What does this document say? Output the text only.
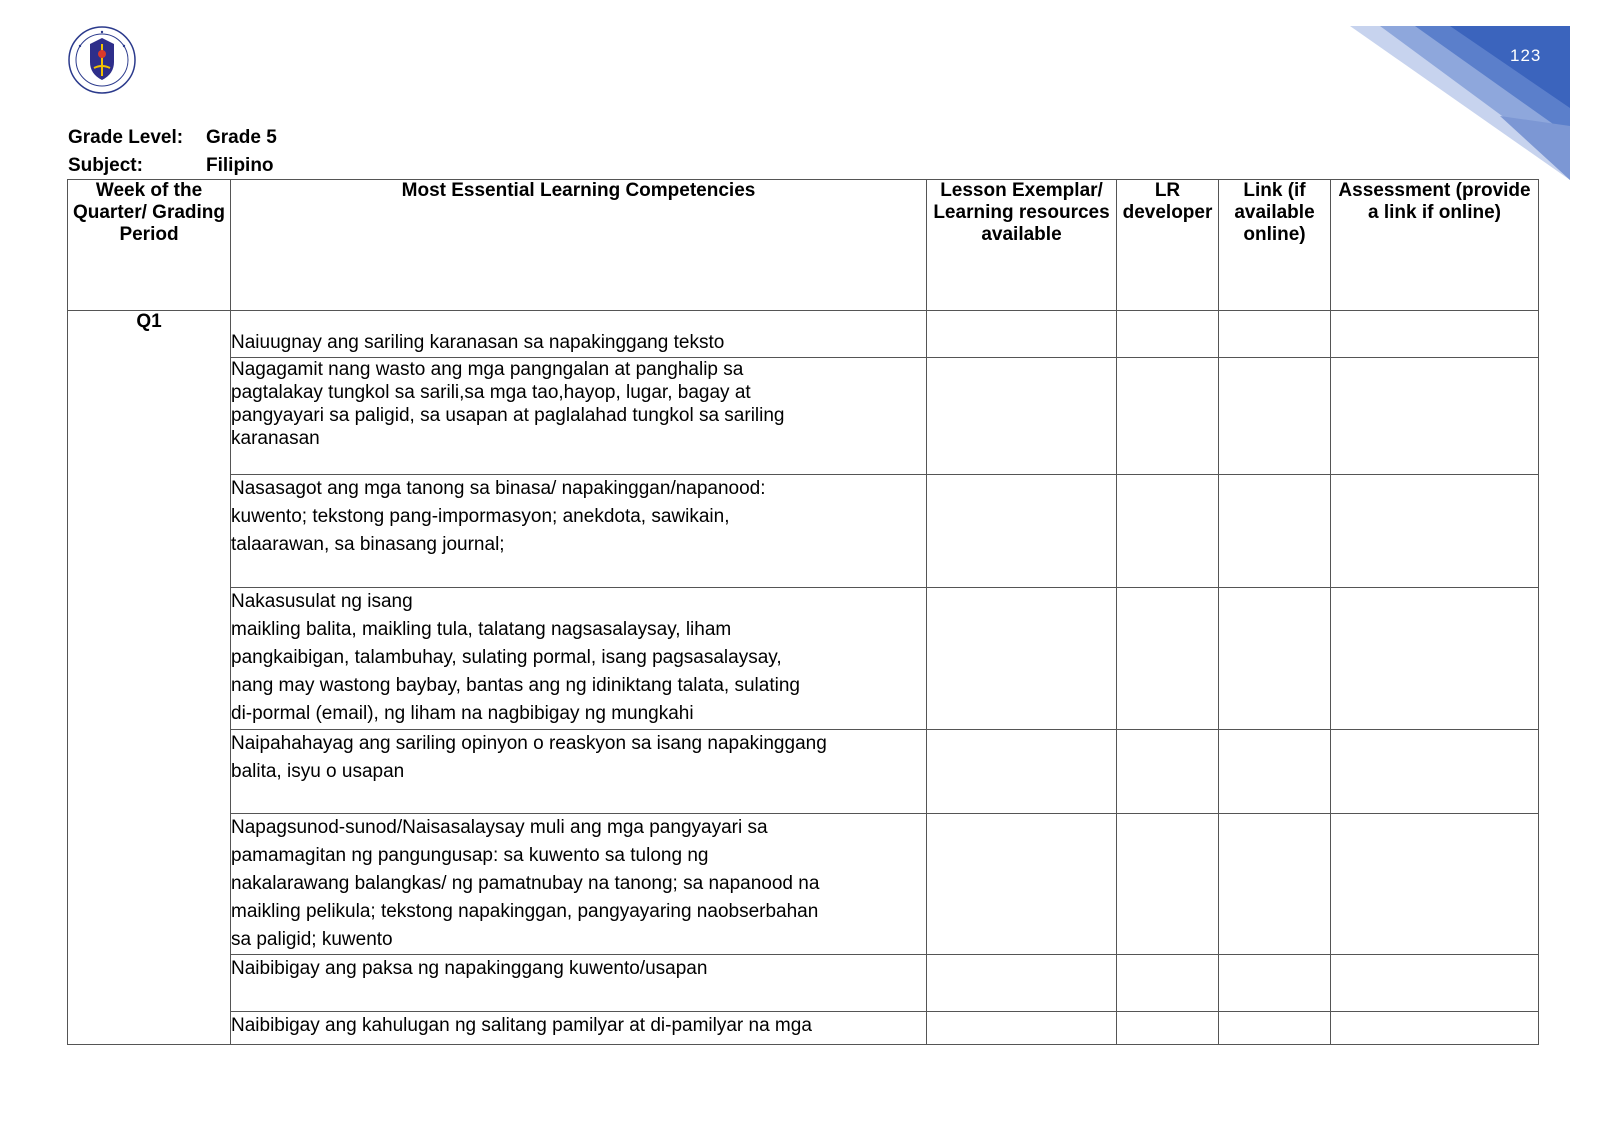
123
Grade Level:	Grade 5
Subject:	Filipino
Week of the Quarter/ Grading Period	Most Essential Learning Competencies	Lesson Exemplar/ Learning resources available	LR developer	Link (if available online)	Assessment (provide a link if online)
Q1	Naiuugnay ang sariling karanasan sa napakinggang teksto				
	Nagagamit nang wasto ang mga pangngalan at panghalip sa
pagtalakay tungkol sa sarili,sa mga tao,hayop, lugar, bagay at
pangyayari sa paligid, sa usapan at paglalahad tungkol sa sariling
karanasan				
	Nasasagot ang mga tanong sa binasa/ napakinggan/napanood:
kuwento; tekstong pang-impormasyon; anekdota, sawikain,
talaarawan, sa binasang journal;				
	Nakasusulat ng isang
maikling balita, maikling tula, talatang nagsasalaysay, liham
pangkaibigan, talambuhay, sulating pormal, isang pagsasalaysay,
nang may wastong baybay, bantas ang ng idiniktang talata, sulating
di-pormal (email), ng liham na nagbibigay ng mungkahi				
	Naipahahayag ang sariling opinyon o reaskyon sa isang napakinggang
balita, isyu o usapan				
	Napagsunod-sunod/Naisasalaysay muli ang mga pangyayari sa
pamamagitan ng pangungusap: sa kuwento sa tulong ng
nakalarawang balangkas/ ng pamatnubay na tanong; sa napanood na
maikling pelikula; tekstong napakinggan, pangyayaring naobserbahan
sa paligid; kuwento				
	Naibibigay ang paksa ng napakinggang kuwento/usapan				
	Naibibigay ang kahulugan ng salitang pamilyar at di-pamilyar na mga				
